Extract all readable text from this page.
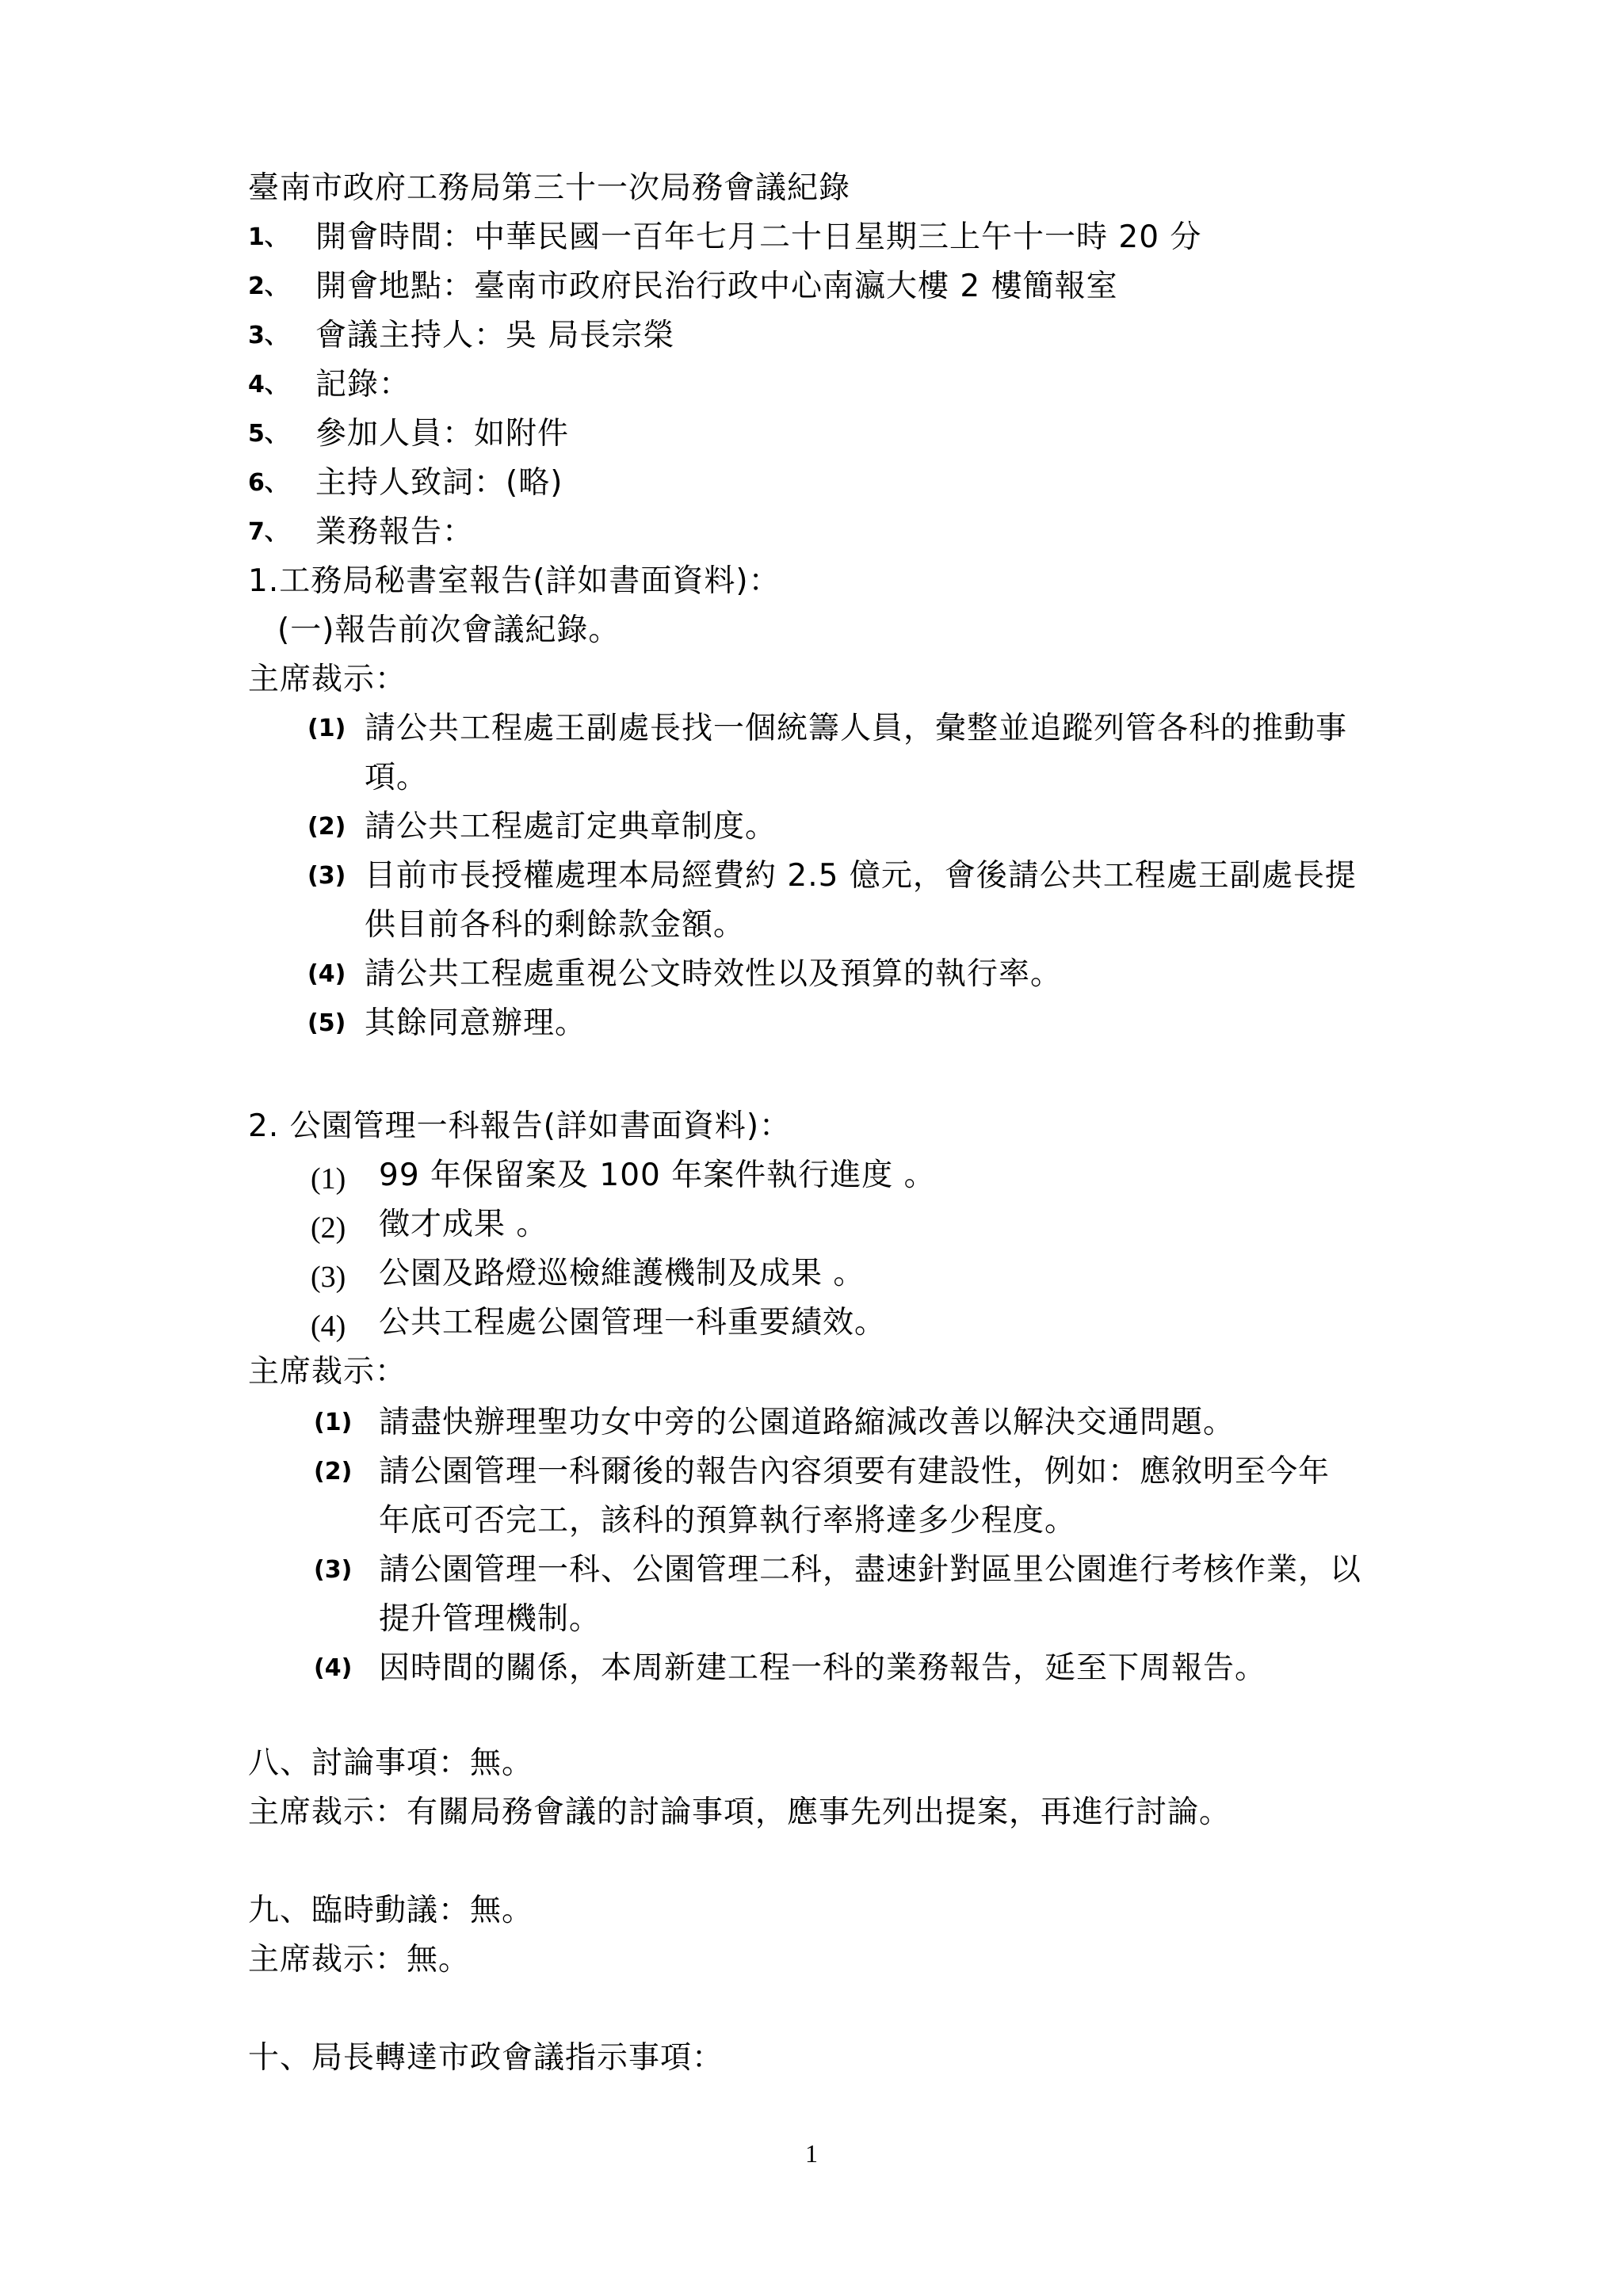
臺南市政府工務局第三十一次局務會議紀錄
1、 開會時間：中華民國一百年七月二十日星期三上午十一時 20 分
2、 開會地點：臺南市政府民治行政中心南瀛大樓 2 樓簡報室
3、 會議主持人：吳 局長宗榮
4、 記錄：
5、 參加人員：如附件
6、 主持人致詞：(略)
7、 業務報告：
1.工務局秘書室報告(詳如書面資料)：
(一)報告前次會議紀錄。
主席裁示：
(1) 請公共工程處王副處長找一個統籌人員，彙整並追蹤列管各科的推動事
項。
(2) 請公共工程處訂定典章制度。
(3) 目前市長授權處理本局經費約 2.5 億元，會後請公共工程處王副處長提
供目前各科的剩餘款金額。
(4) 請公共工程處重視公文時效性以及預算的執行率。
(5) 其餘同意辦理。
2. 公園管理一科報告(詳如書面資料)：
(1) 99 年保留案及 100 年案件執行進度 。
(2) 徵才成果 。
(3) 公園及路燈巡檢維護機制及成果 。
(4) 公共工程處公園管理一科重要績效。
主席裁示：
(1) 請盡快辦理聖功女中旁的公園道路縮減改善以解決交通問題。
(2) 請公園管理一科爾後的報告內容須要有建設性，例如：應敘明至今年
年底可否完工，該科的預算執行率將達多少程度。
(3) 請公園管理一科、公園管理二科，盡速針對區里公園進行考核作業，以
提升管理機制。
(4) 因時間的關係，本周新建工程一科的業務報告，延至下周報告。
八、討論事項：無。
主席裁示：有關局務會議的討論事項，應事先列出提案，再進行討論。
九、臨時動議：無。
主席裁示：無。
十、局長轉達市政會議指示事項：
1
